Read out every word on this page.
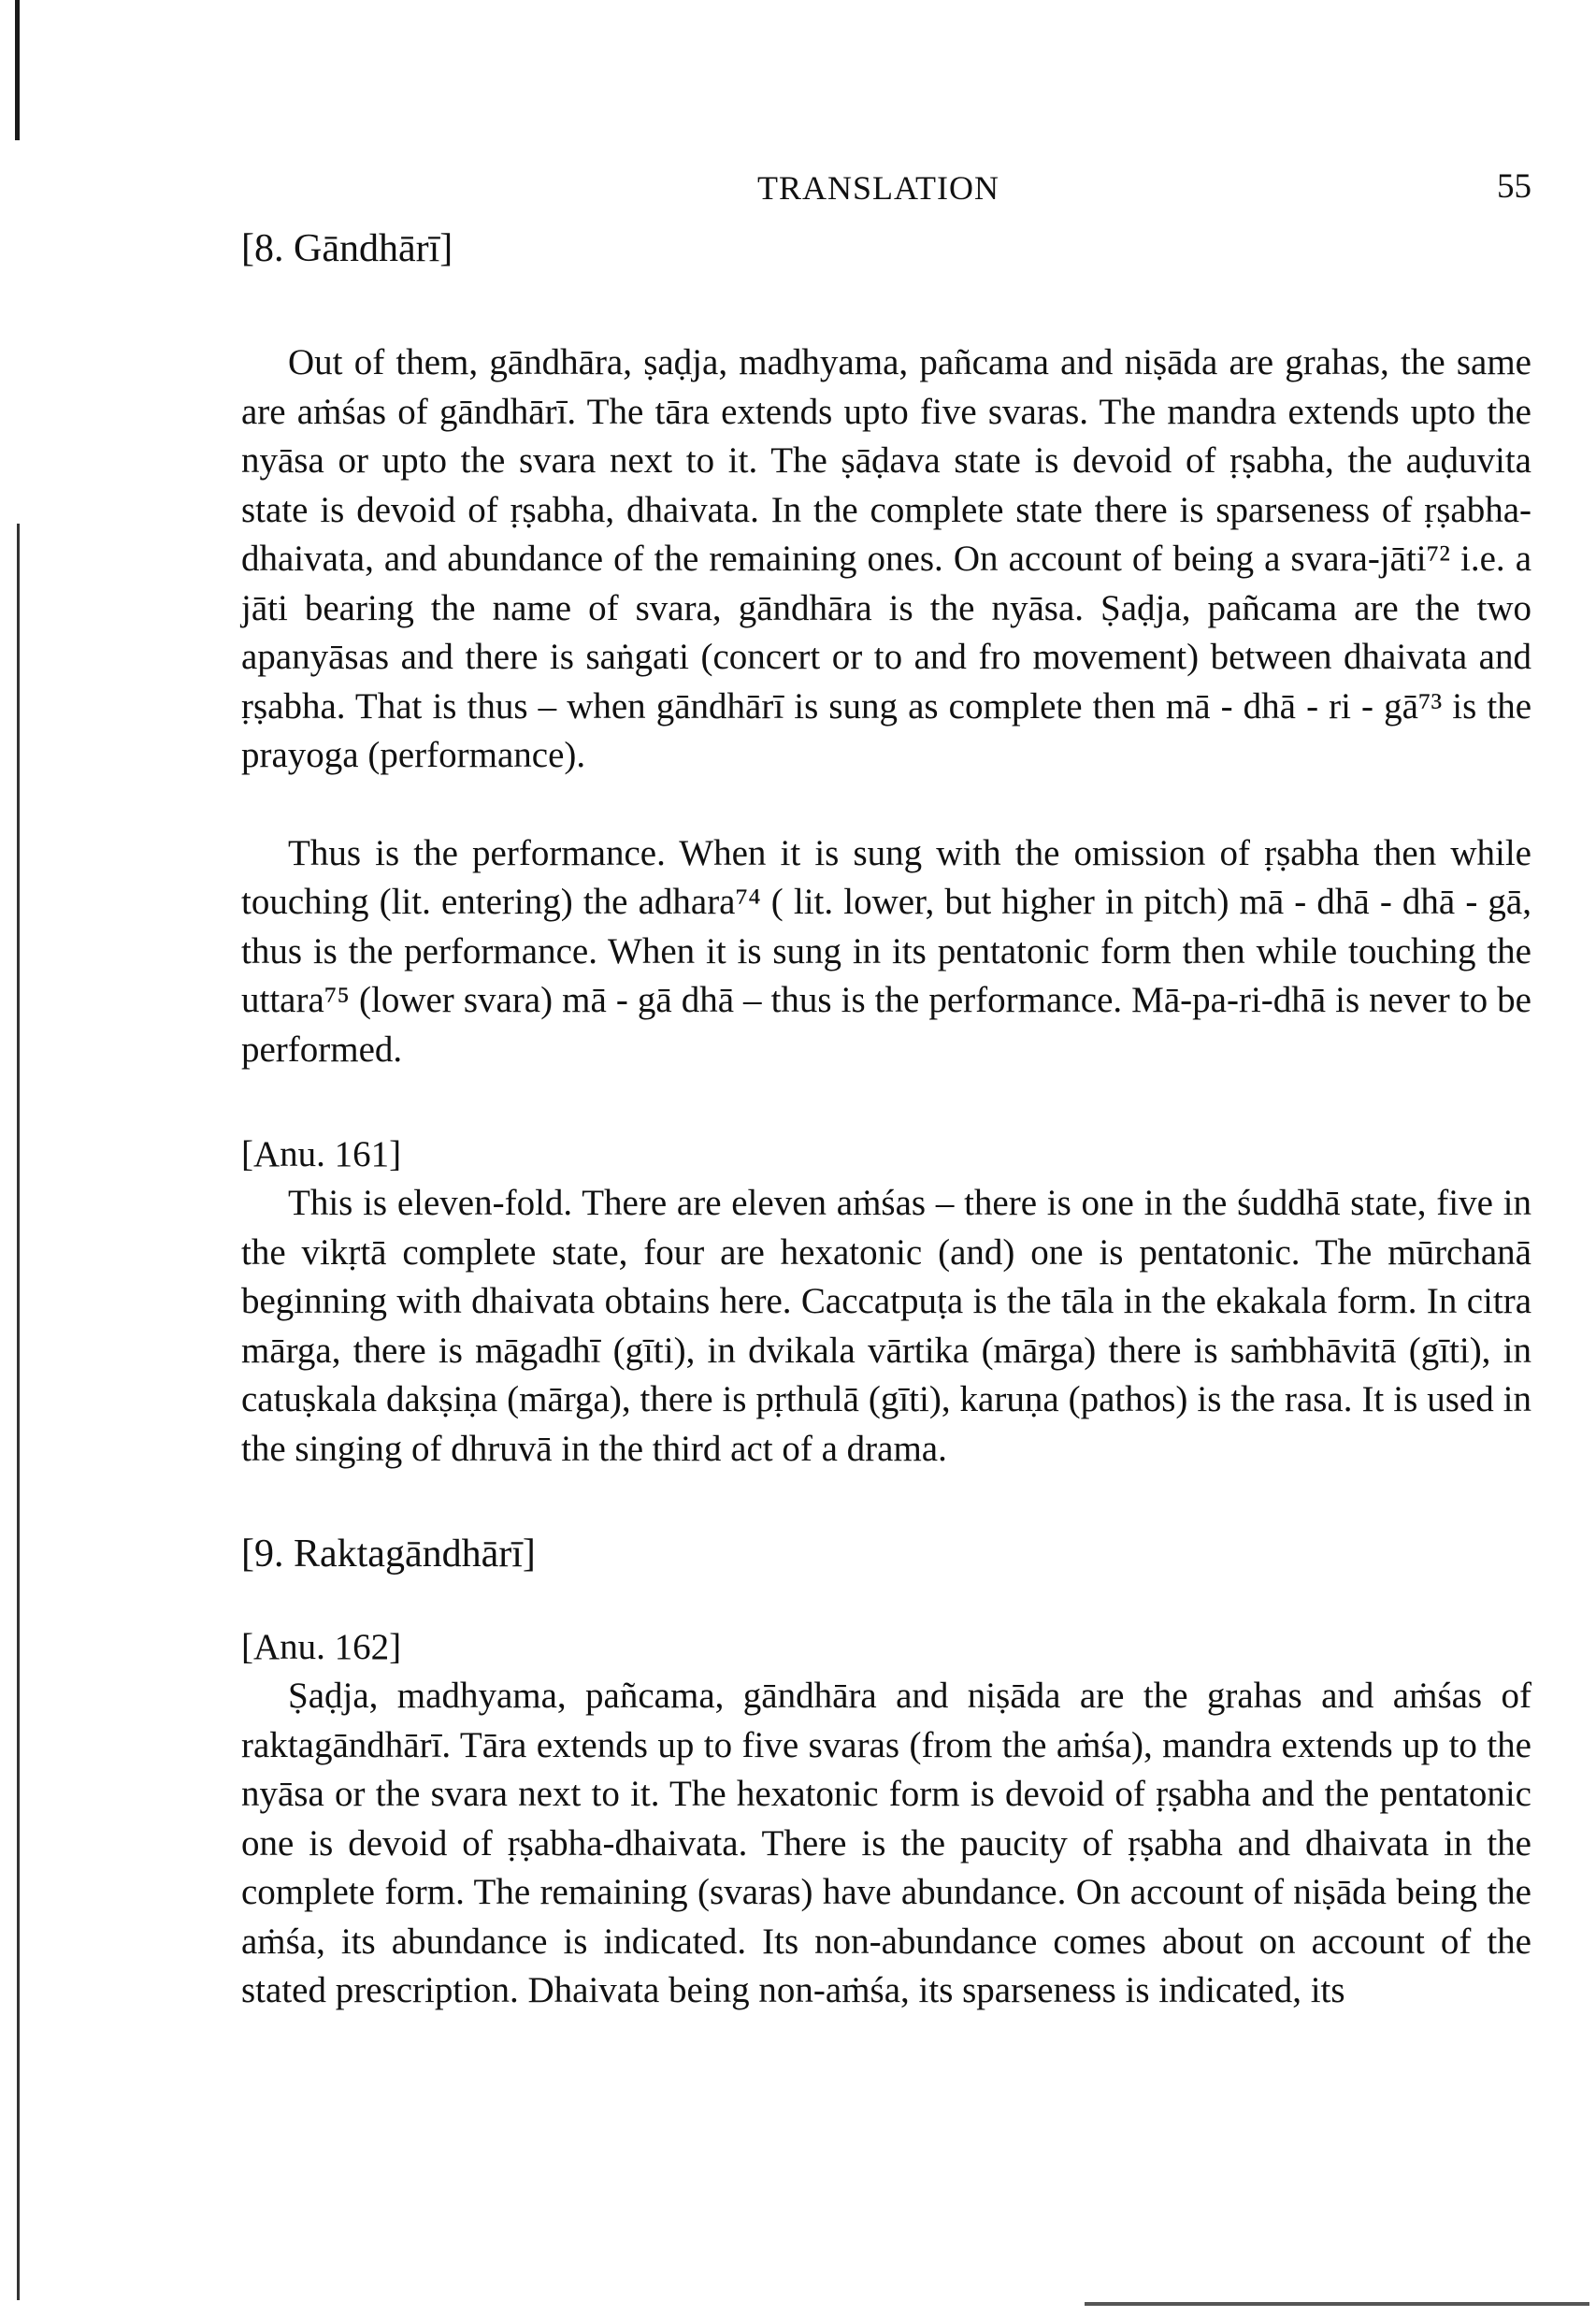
TRANSLATION	55
[8. Gāndhārī]

Out of them, gāndhāra, ṣaḍja, madhyama, pañcama and niṣāda are grahas, the same are aṁśas of gāndhārī. The tāra extends upto five svaras. The mandra extends upto the nyāsa or upto the svara next to it. The ṣāḍava state is devoid of ṛṣabha, the auḍuvita state is devoid of ṛṣabha, dhaivata. In the complete state there is sparseness of ṛṣabha-dhaivata, and abundance of the remaining ones. On account of being a svara-jāti⁷² i.e. a jāti bearing the name of svara, gāndhāra is the nyāsa. Ṣaḍja, pañcama are the two apanyāsas and there is saṅgati (concert or to and fro movement) between dhaivata and ṛṣabha. That is thus – when gāndhārī is sung as complete then mā - dhā - ri - gā⁷³ is the prayoga (performance).

Thus is the performance. When it is sung with the omission of ṛṣabha then while touching (lit. entering) the adhara⁷⁴ ( lit. lower, but higher in pitch) mā - dhā - dhā - gā, thus is the performance. When it is sung in its pentatonic form then while touching the uttara⁷⁵ (lower svara) mā - gā dhā – thus is the performance. Mā-pa-ri-dhā is never to be performed.

[Anu. 161]

This is eleven-fold. There are eleven aṁśas – there is one in the śuddhā state, five in the vikṛtā complete state, four are hexatonic (and) one is pentatonic. The mūrchanā beginning with dhaivata obtains here. Caccatpuṭa is the tāla in the ekakala form. In citra mārga, there is māgadhī (gīti), in dvikala vārtika (mārga) there is saṁbhāvitā (gīti), in catuṣkala dakṣiṇa (mārga), there is pṛthulā (gīti), karuṇa (pathos) is the rasa. It is used in the singing of dhruvā in the third act of a drama.

[9. Raktagāndhārī]
[Anu. 162]

Ṣaḍja, madhyama, pañcama, gāndhāra and niṣāda are the grahas and aṁśas of raktagāndhārī. Tāra extends up to five svaras (from the aṁśa), mandra extends up to the nyāsa or the svara next to it. The hexatonic form is devoid of ṛṣabha and the pentatonic one is devoid of ṛṣabha-dhaivata. There is the paucity of ṛṣabha and dhaivata in the complete form. The remaining (svaras) have abundance. On account of niṣāda being the aṁśa, its abundance is indicated. Its non-abundance comes about on account of the stated prescription. Dhaivata being non-aṁśa, its sparseness is indicated, its
